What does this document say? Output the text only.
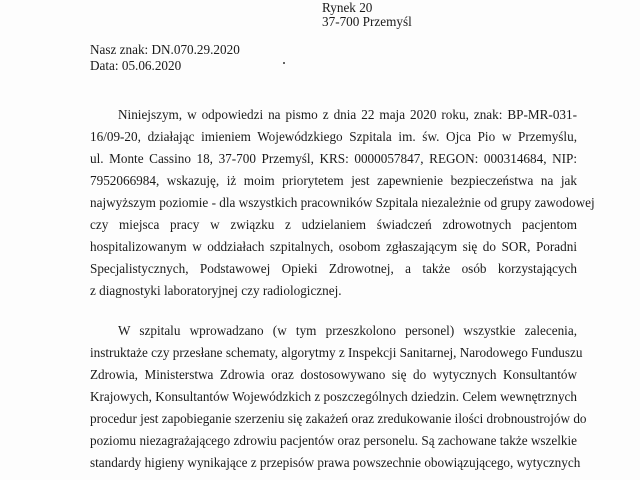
Rynek 20
37-700 Przemyśl
Nasz znak: DN.070.29.2020
Data: 05.06.2020
Niniejszym, w odpowiedzi na pismo z dnia 22 maja 2020 roku, znak: BP-MR-031-
16/09-20, działając imieniem Wojewódzkiego Szpitala im. św. Ojca Pio w Przemyślu,
ul. Monte Cassino 18, 37-700 Przemyśl, KRS: 0000057847, REGON: 000314684, NIP:
7952066984, wskazuję, iż moim priorytetem jest zapewnienie bezpieczeństwa na jak
najwyższym poziomie - dla wszystkich pracowników Szpitala niezależnie od grupy zawodowej
czy miejsca pracy w związku z udzielaniem świadczeń zdrowotnych pacjentom
hospitalizowanym w oddziałach szpitalnych, osobom zgłaszającym się do SOR, Poradni
Specjalistycznych, Podstawowej Opieki Zdrowotnej, a także osób korzystających
z diagnostyki laboratoryjnej czy radiologicznej.
W szpitalu wprowadzano (w tym przeszkolono personel) wszystkie zalecenia,
instruktaże czy przesłane schematy, algorytmy z Inspekcji Sanitarnej, Narodowego Funduszu
Zdrowia, Ministerstwa Zdrowia oraz dostosowywano się do wytycznych Konsultantów
Krajowych, Konsultantów Wojewódzkich z poszczególnych dziedzin. Celem wewnętrznych
procedur jest zapobieganie szerzeniu się zakażeń oraz zredukowanie ilości drobnoustrojów do
poziomu niezagrażającego zdrowiu pacjentów oraz personelu. Są zachowane także wszelkie
standardy higieny wynikające z przepisów prawa powszechnie obowiązującego, wytycznych
